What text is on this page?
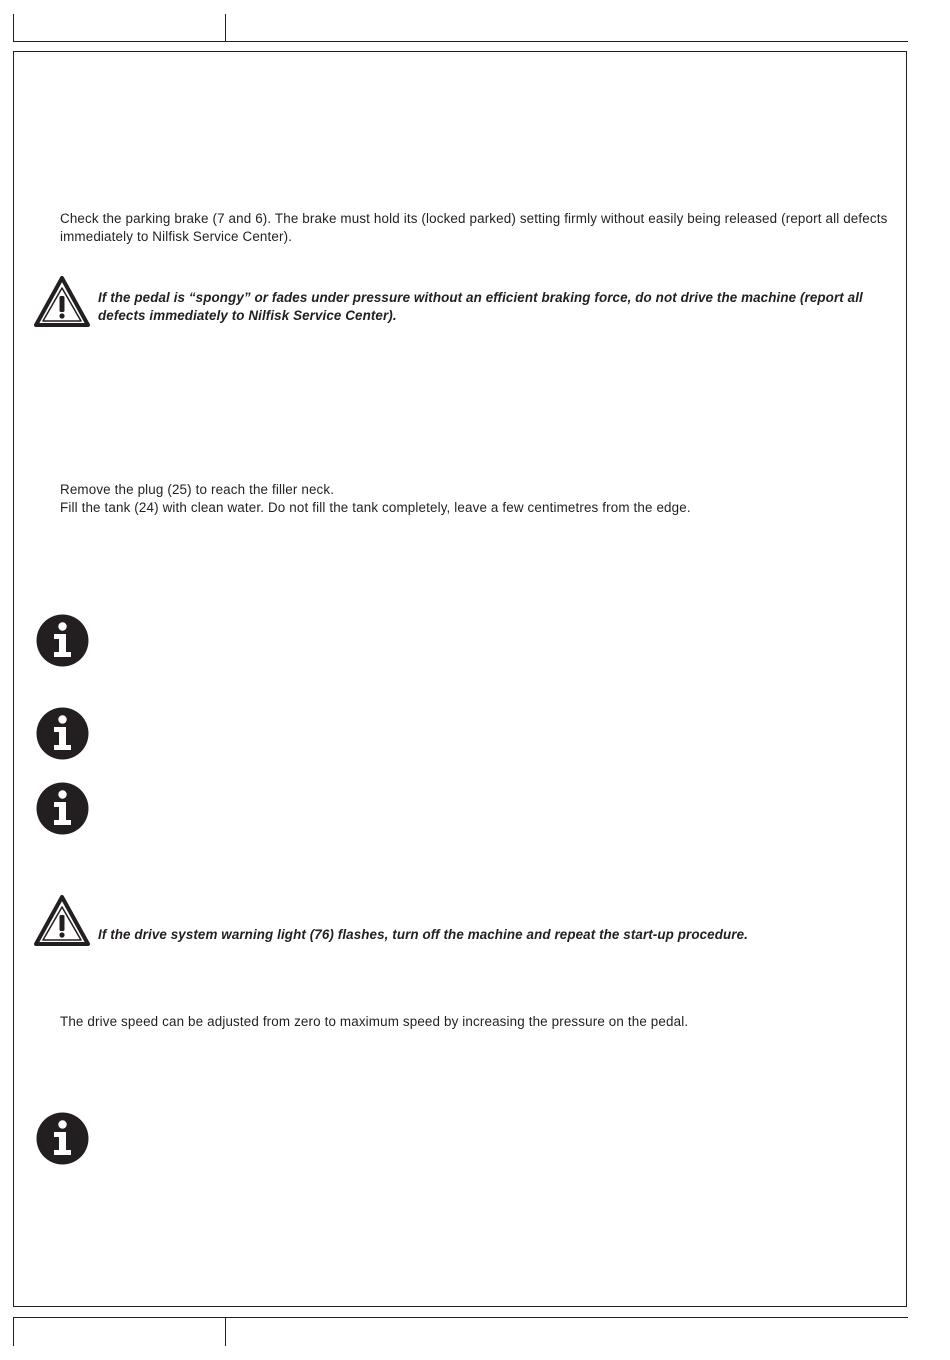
Check the parking brake (7 and 6). The brake must hold its (locked parked) setting firmly without easily being released (report all defects immediately to Nilfisk Service Center).

If the pedal is “spongy” or fades under pressure without an efficient braking force, do not drive the machine (report all defects immediately to Nilfisk Service Center).

Remove the plug (25) to reach the filler neck.
Fill the tank (24) with clean water. Do not fill the tank completely, leave a few centimetres from the edge.

If the drive system warning light (76) flashes, turn off the machine and repeat the start-up procedure.

The drive speed can be adjusted from zero to maximum speed by increasing the pressure on the pedal.
